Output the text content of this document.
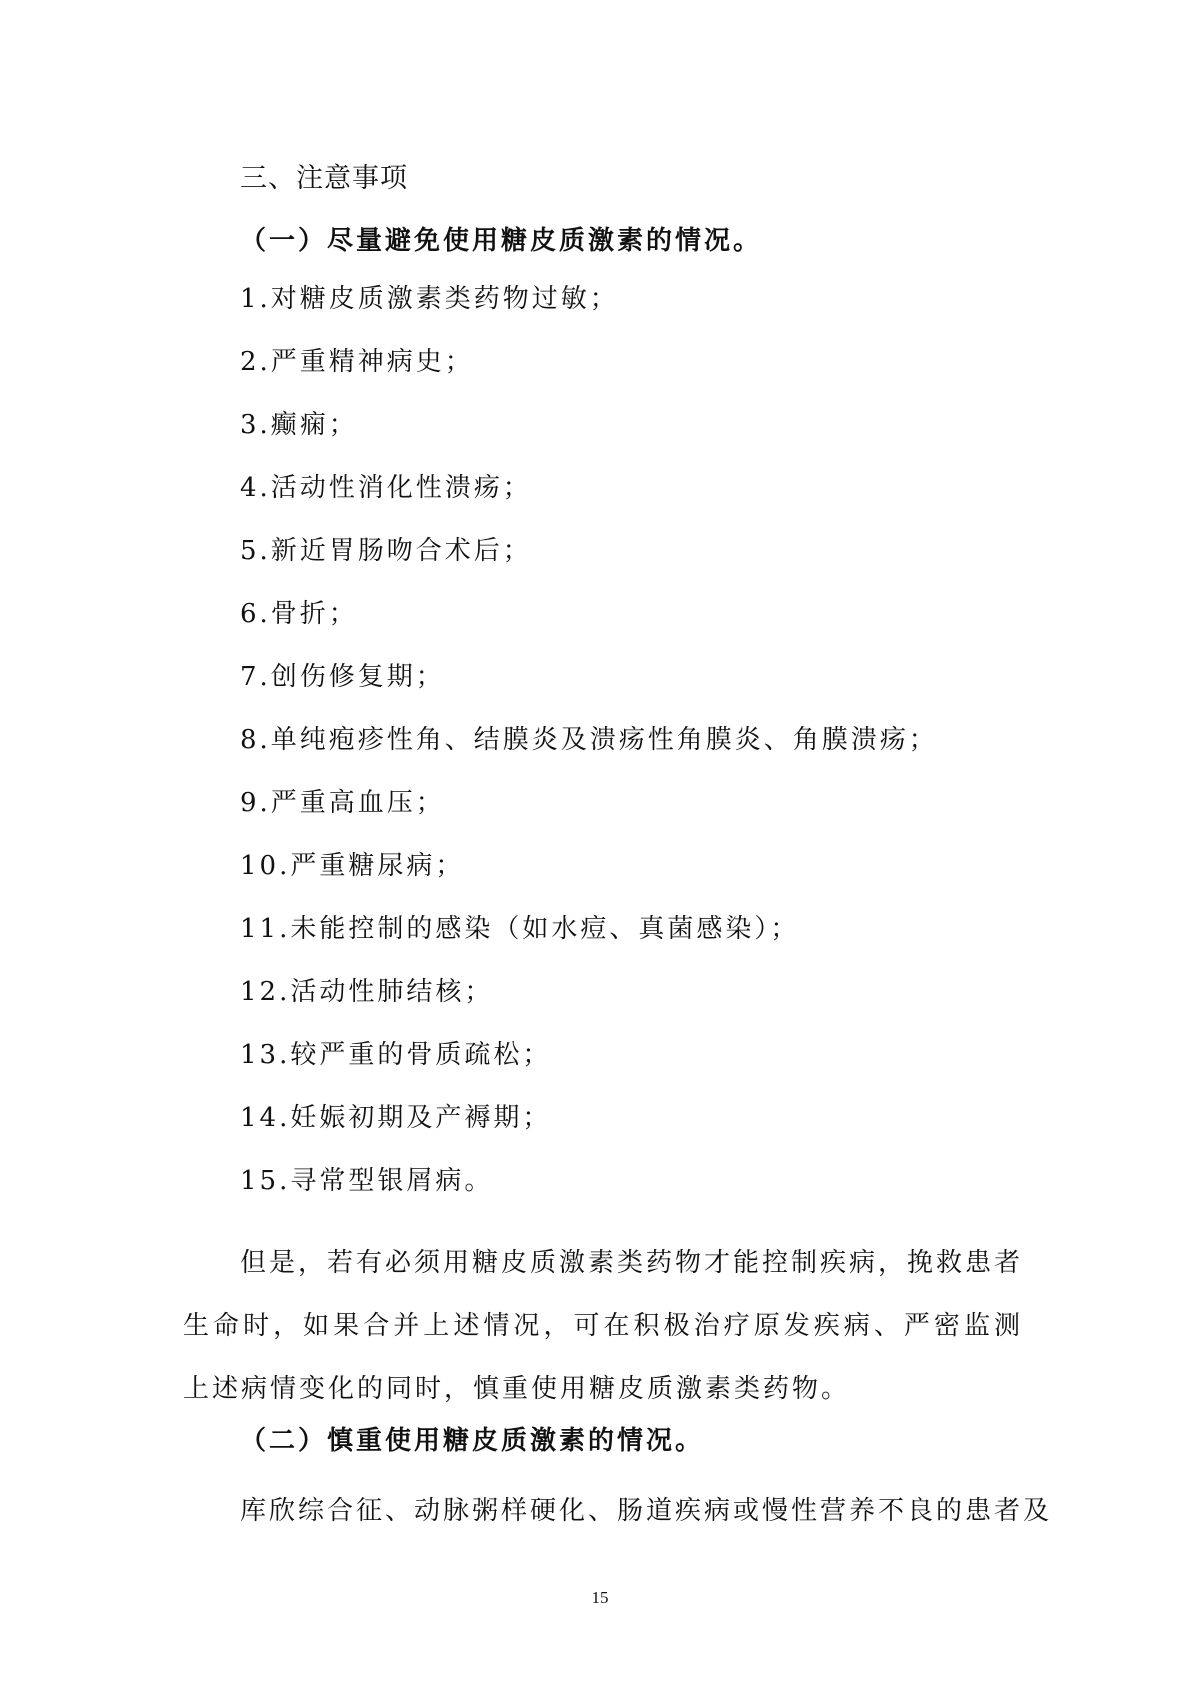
三、注意事项
（一）尽量避免使用糖皮质激素的情况。
1.对糖皮质激素类药物过敏；
2.严重精神病史；
3.癫痫；
4.活动性消化性溃疡；
5.新近胃肠吻合术后；
6.骨折；
7.创伤修复期；
8.单纯疱疹性角、结膜炎及溃疡性角膜炎、角膜溃疡；
9.严重高血压；
10.严重糖尿病；
11.未能控制的感染（如水痘、真菌感染）；
12.活动性肺结核；
13.较严重的骨质疏松；
14.妊娠初期及产褥期；
15.寻常型银屑病。

但是，若有必须用糖皮质激素类药物才能控制疾病，挽救患者生命时，如果合并上述情况，可在积极治疗原发疾病、严密监测上述病情变化的同时，慎重使用糖皮质激素类药物。

（二）慎重使用糖皮质激素的情况。

库欣综合征、动脉粥样硬化、肠道疾病或慢性营养不良的患者及

15
